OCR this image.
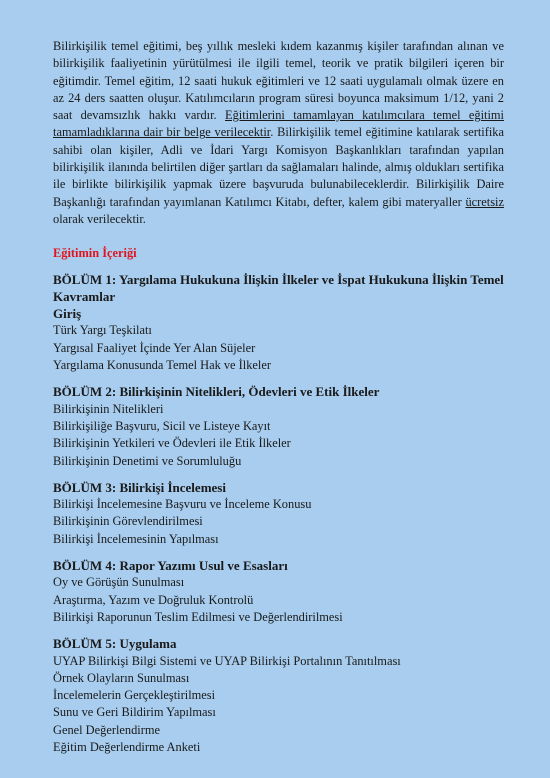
Bilirkişilik temel eğitimi, beş yıllık mesleki kıdem kazanmış kişiler tarafından alınan ve bilirkişilik faaliyetinin yürütülmesi ile ilgili temel, teorik ve pratik bilgileri içeren bir eğitimdir. Temel eğitim, 12 saati hukuk eğitimleri ve 12 saati uygulamalı olmak üzere en az 24 ders saatten oluşur. Katılımcıların program süresi boyunca maksimum 1/12, yani 2 saat devamsızlık hakkı vardır. Eğitimlerini tamamlayan katılımcılara temel eğitimi tamamladıklarına dair bir belge verilecektir. Bilirkişilik temel eğitimine katılarak sertifika sahibi olan kişiler, Adli ve İdari Yargı Komisyon Başkanlıkları tarafından yapılan bilirkişilik ilanında belirtilen diğer şartları da sağlamaları halinde, almış oldukları sertifika ile birlikte bilirkişilik yapmak üzere başvuruda bulunabileceklerdir. Bilirkişilik Daire Başkanlığı tarafından yayımlanan Katılımcı Kitabı, defter, kalem gibi materyaller ücretsiz olarak verilecektir.

Eğitimin İçeriği
BÖLÜM 1: Yargılama Hukukuna İlişkin İlkeler ve İspat Hukukuna İlişkin Temel Kavramlar
Giriş
Türk Yargı Teşkilatı
Yargısal Faaliyet İçinde Yer Alan Süjeler
Yargılama Konusunda Temel Hak ve İlkeler
BÖLÜM 2: Bilirkişinin Nitelikleri, Ödevleri ve Etik İlkeler
Bilirkişinin Nitelikleri
Bilirkişiliğe Başvuru, Sicil ve Listeye Kayıt
Bilirkişinin Yetkileri ve Ödevleri ile Etik İlkeler
Bilirkişinin Denetimi ve Sorumluluğu
BÖLÜM 3: Bilirkişi İncelemesi
Bilirkişi İncelemesine Başvuru ve İnceleme Konusu
Bilirkişinin Görevlendirilmesi
Bilirkişi İncelemesinin Yapılması
BÖLÜM 4: Rapor Yazımı Usul ve Esasları
Oy ve Görüşün Sunulması
Araştırma, Yazım ve Doğruluk Kontrolü
Bilirkişi Raporunun Teslim Edilmesi ve Değerlendirilmesi
BÖLÜM 5: Uygulama
UYAP Bilirkişi Bilgi Sistemi ve UYAP Bilirkişi Portalının Tanıtılması
Örnek Olayların Sunulması
İncelemelerin Gerçekleştirilmesi
Sunu ve Geri Bildirim Yapılması
Genel Değerlendirme
Eğitim Değerlendirme Anketi
